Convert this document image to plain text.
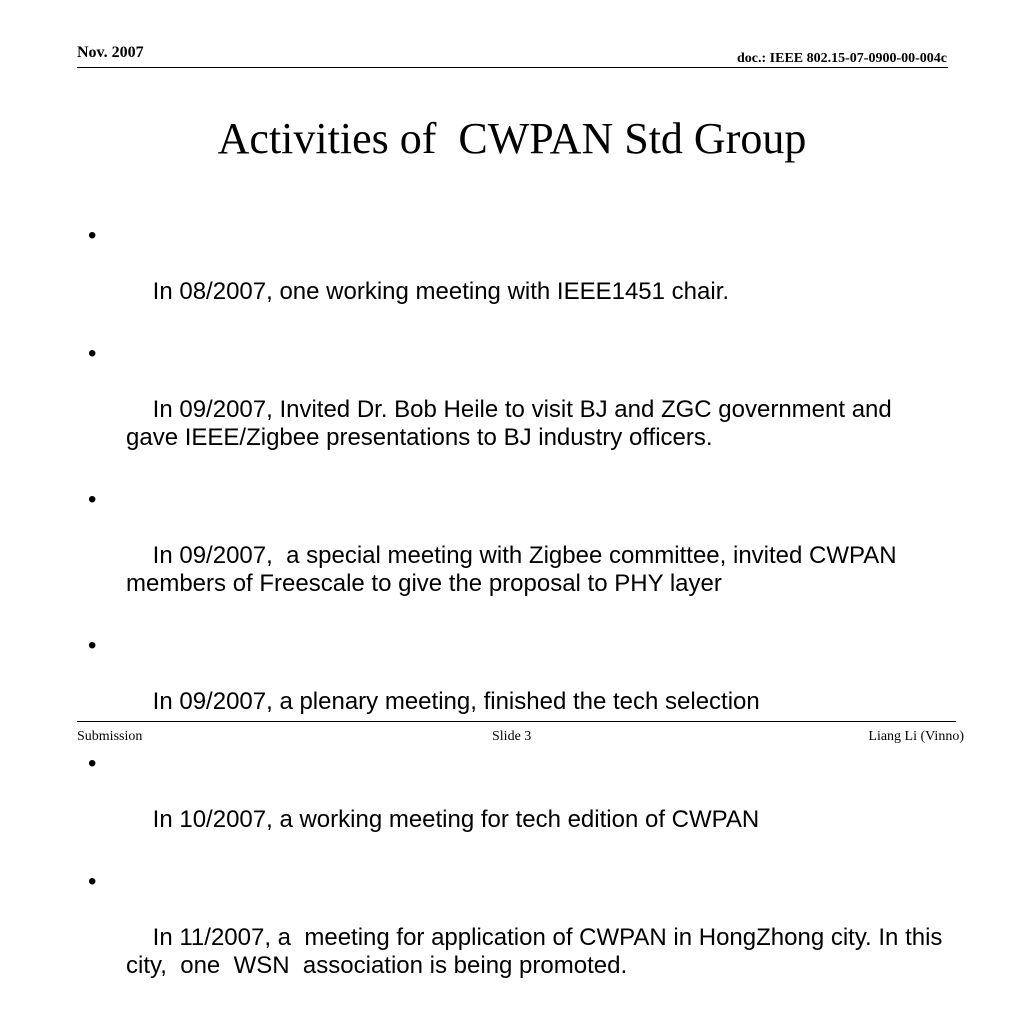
Nov. 2007	doc.: IEEE 802.15-07-0900-00-004c
Activities of  CWPAN Std Group

•

In 08/2007, one working meeting with IEEE1451 chair.

•

In 09/2007, Invited Dr. Bob Heile to visit BJ and ZGC government and gave IEEE/Zigbee presentations to BJ industry officers.

•

In 09/2007,  a special meeting with Zigbee committee, invited CWPAN members of Freescale to give the proposal to PHY layer

•

In 09/2007, a plenary meeting, finished the tech selection

•

In 10/2007, a working meeting for tech edition of CWPAN

•

In 11/2007, a  meeting for application of CWPAN in HongZhong city. In this city,  one  WSN  association is being promoted.

Submission	Slide 3	Liang Li (Vinno)
